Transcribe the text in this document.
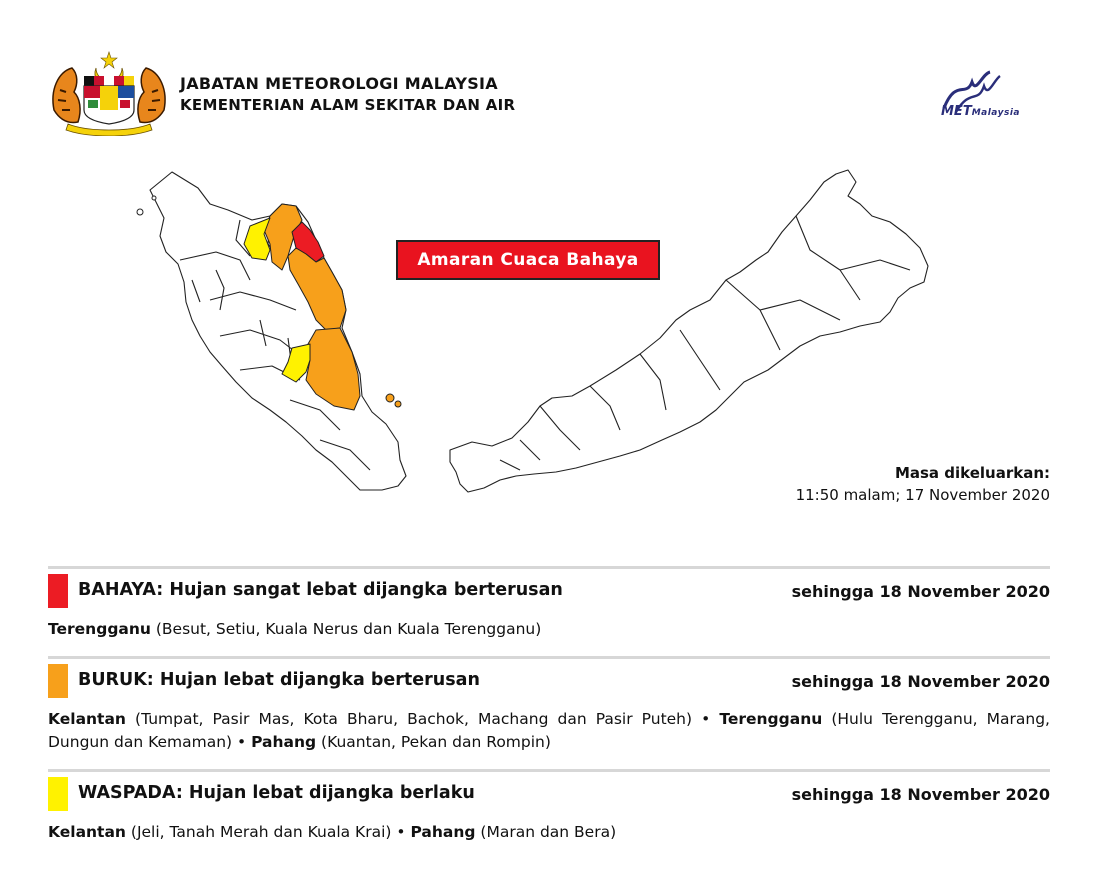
JABATAN METEOROLOGI MALAYSIA
KEMENTERIAN ALAM SEKITAR DAN AIR	METMalaysia
Amaran Cuaca Bahaya
Masa dikeluarkan:
11:50 malam; 17 November 2020
BAHAYA: Hujan sangat lebat dijangka berterusan	sehingga 18 November 2020
Terengganu (Besut, Setiu, Kuala Nerus dan Kuala Terengganu)
BURUK: Hujan lebat dijangka berterusan	sehingga 18 November 2020
Kelantan (Tumpat, Pasir Mas, Kota Bharu, Bachok, Machang dan Pasir Puteh) • Terengganu (Hulu Terengganu, Marang, Dungun dan Kemaman) • Pahang (Kuantan, Pekan dan Rompin)
WASPADA: Hujan lebat dijangka berlaku	sehingga 18 November 2020
Kelantan (Jeli, Tanah Merah dan Kuala Krai) • Pahang (Maran dan Bera)
